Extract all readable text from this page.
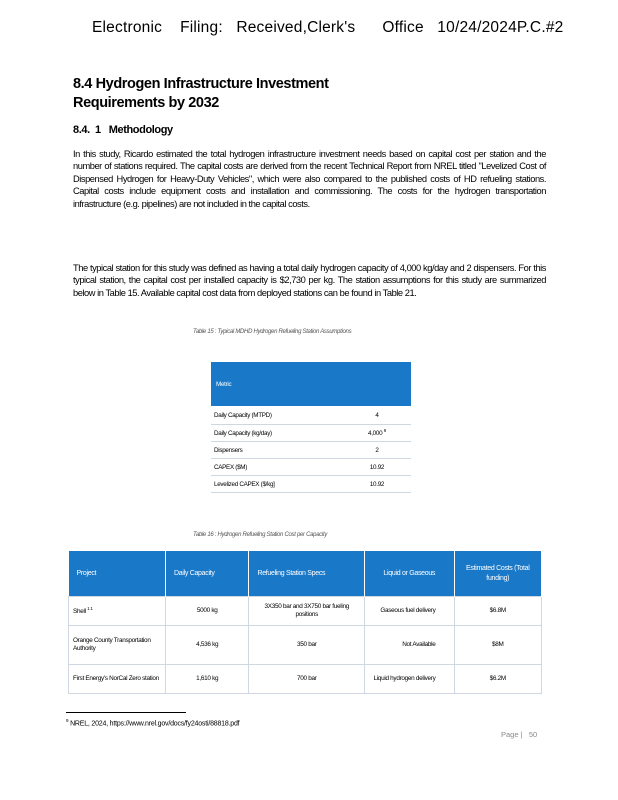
Electronic    Filing:   Received,Clerk's      Office   10/24/2024P.C.#2
8.4 Hydrogen Infrastructure Investment Requirements by 2032
8.4.  1   Methodology
In this study, Ricardo estimated the total hydrogen infrastructure investment needs based on capital cost per station and the number of stations required. The capital costs are derived from the recent Technical Report from NREL titled "Levelized Cost of Dispensed Hydrogen for Heavy-Duty Vehicles", which were also compared to the published costs of HD refueling stations. Capital costs include equipment costs and installation and commissioning. The costs for the hydrogen transportation infrastructure (e.g. pipelines) are not included in the capital costs.
The typical station for this study was defined as having a total daily hydrogen capacity of 4,000 kg/day and 2 dispensers. For this typical station, the capital cost per installed capacity is $2,730 per kg. The station assumptions for this study are summarized below in Table 15. Available capital cost data from deployed stations can be found in Table 21.
Table 15 : Typical MDHD Hydrogen Refueling Station Assumptions
Metric	
Daily Capacity (MTPD)	4
Daily Capacity (kg/day)	4,000 $^9$
Dispensers	2
CAPEX ($M)	10.92
Levelized CAPEX ($/kg]	10.92
Table 16 : Hydrogen Refueling Station Cost per Capacity
Project	Daily Capacity	Refueling Station Specs	Liquid or Gaseous	Estimated Costs (Total funding)
Shell $^{1 1}$	5000 kg	3X350 bar and 3X750 bar fueling positions	Gaseous fuel delivery	$6.8M
Orange County Transportation Authority	4,536 kg	350 bar	Not Available	$8M
First Energy's NorCal Zero station	1,610 kg	700 bar	Liquid hydrogen delivery	$6.2M
$^9$ NREL, 2024, https://www.nrel.gov/docs/fy24osti/88818.pdf
Page | 50
